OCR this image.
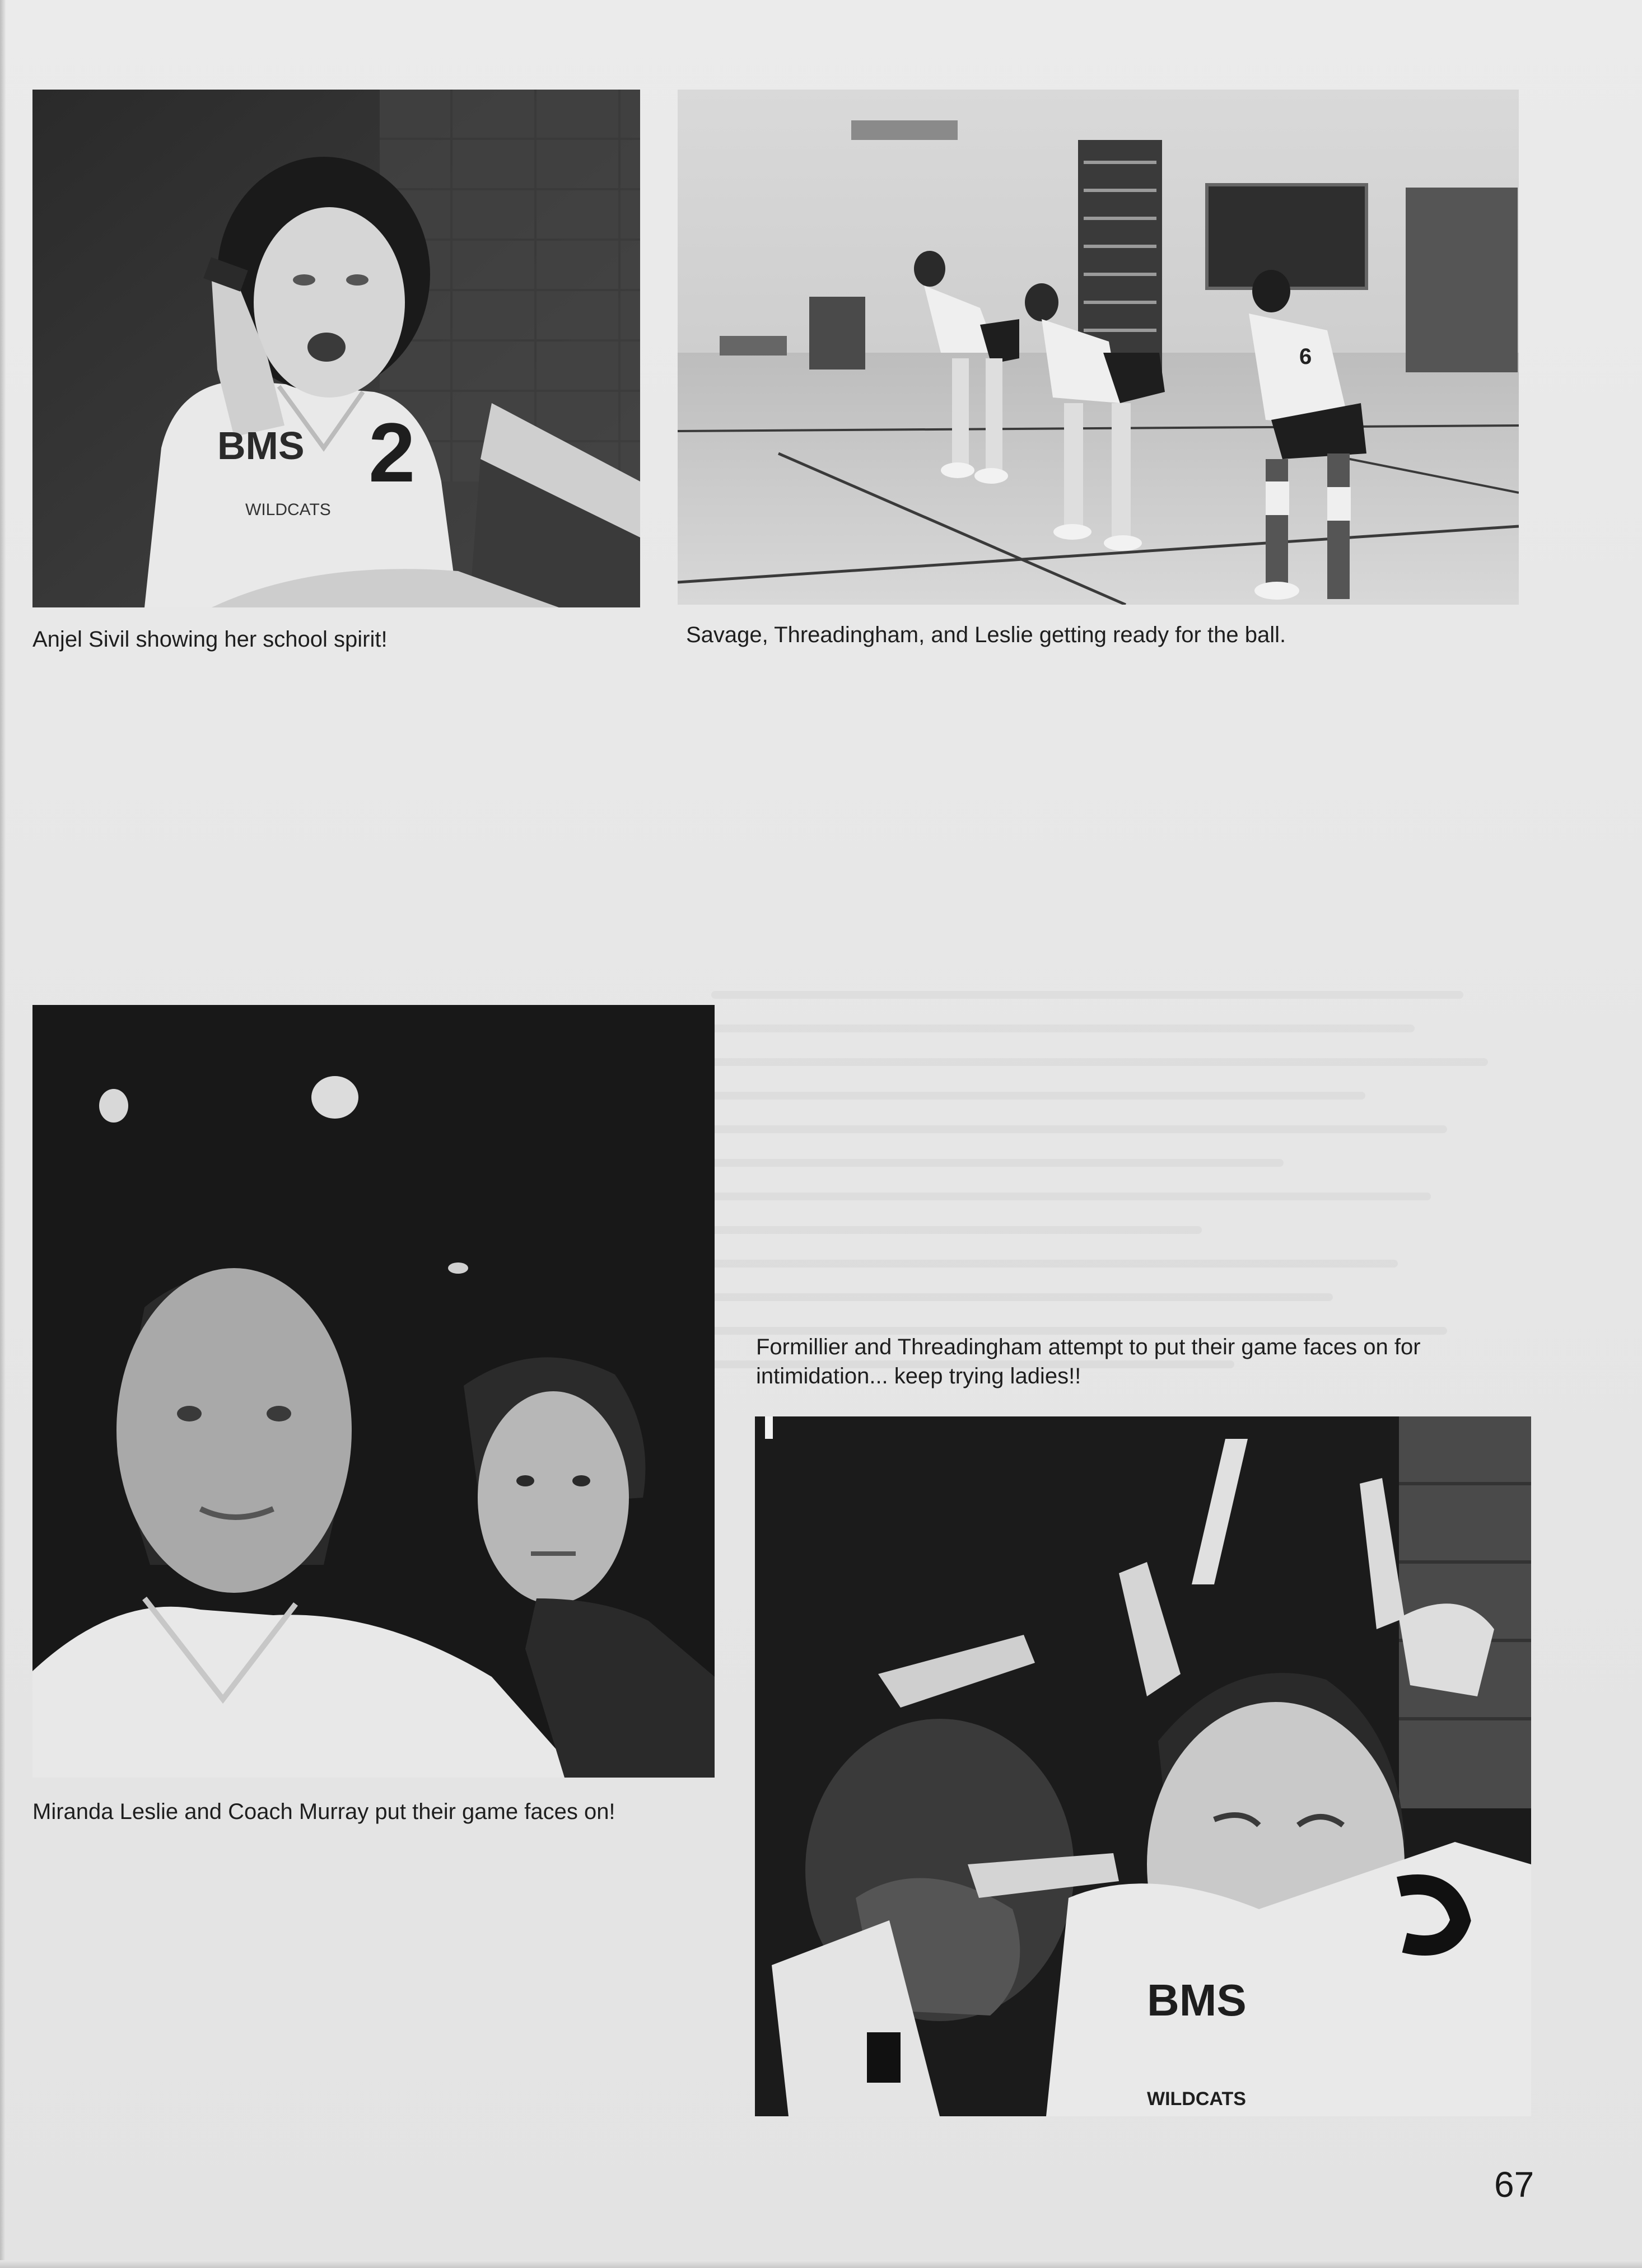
BMS 2
WILDCATS
Anjel Sivil showing her school spirit!
6
Savage, Threadingham, and Leslie getting ready for the ball.
Miranda Leslie and Coach Murray put their game faces on!
Formillier and Threadingham attempt to put their game faces on for intimidation... keep trying ladies!!
BMS
WILDCATS
67
